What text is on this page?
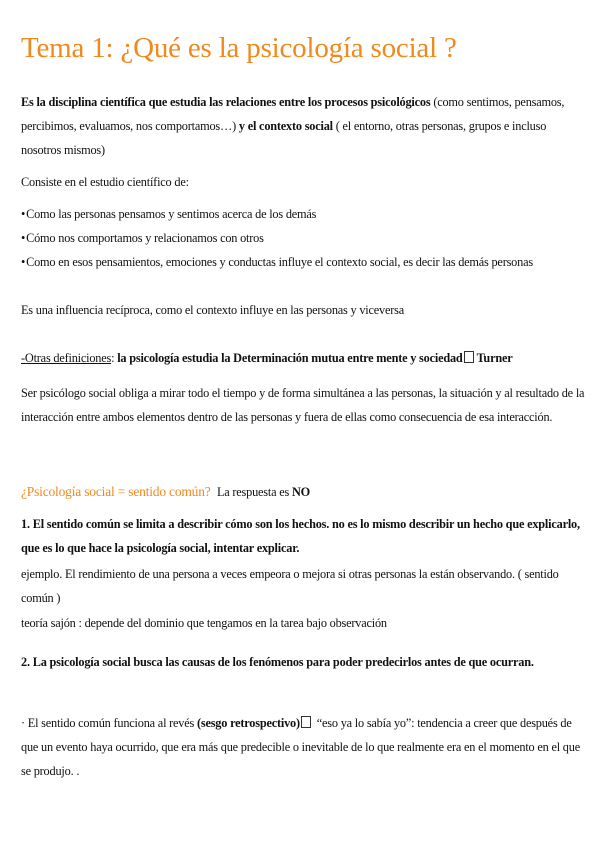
Tema 1: ¿Qué es la psicología social ?

Es la disciplina científica que estudia las relaciones entre los procesos psicológicos (como sentimos, pensamos, percibimos, evaluamos, nos comportamos…) y el contexto social ( el entorno, otras personas, grupos e incluso nosotros mismos)

Consiste en el estudio científico de:

• Como las personas pensamos y sentimos acerca de los demás

• Cómo nos comportamos y relacionamos con otros

• Como en esos pensamientos, emociones y conductas influye el contexto social, es decir las demás personas

Es una influencia recíproca, como el contexto influye en las personas y viceversa

-Otras definiciones: la psicología estudia la Determinación mutua entre mente y sociedad Turner

Ser psicólogo social obliga a mirar todo el tiempo y de forma simultánea a las personas, la situación y al resultado de la interacción entre ambos elementos dentro de las personas y fuera de ellas como consecuencia de esa interacción.

¿Psicología social = sentido común? La respuesta es NO

1. El sentido común se limita a describir cómo son los hechos. no es lo mismo describir un hecho que explicarlo, que es lo que hace la psicología social, intentar explicar.

ejemplo. El rendimiento de una persona a veces empeora o mejora si otras personas la están observando. ( sentido común )

teoría sajón : depende del dominio que tengamos en la tarea bajo observación

2. La psicología social busca las causas de los fenómenos para poder predecirlos antes de que ocurran.

· El sentido común funciona al revés (sesgo retrospectivo) “eso ya lo sabía yo”: tendencia a creer que después de que un evento haya ocurrido, que era más que predecible o inevitable de lo que realmente era en el momento en el que se produjo. .
